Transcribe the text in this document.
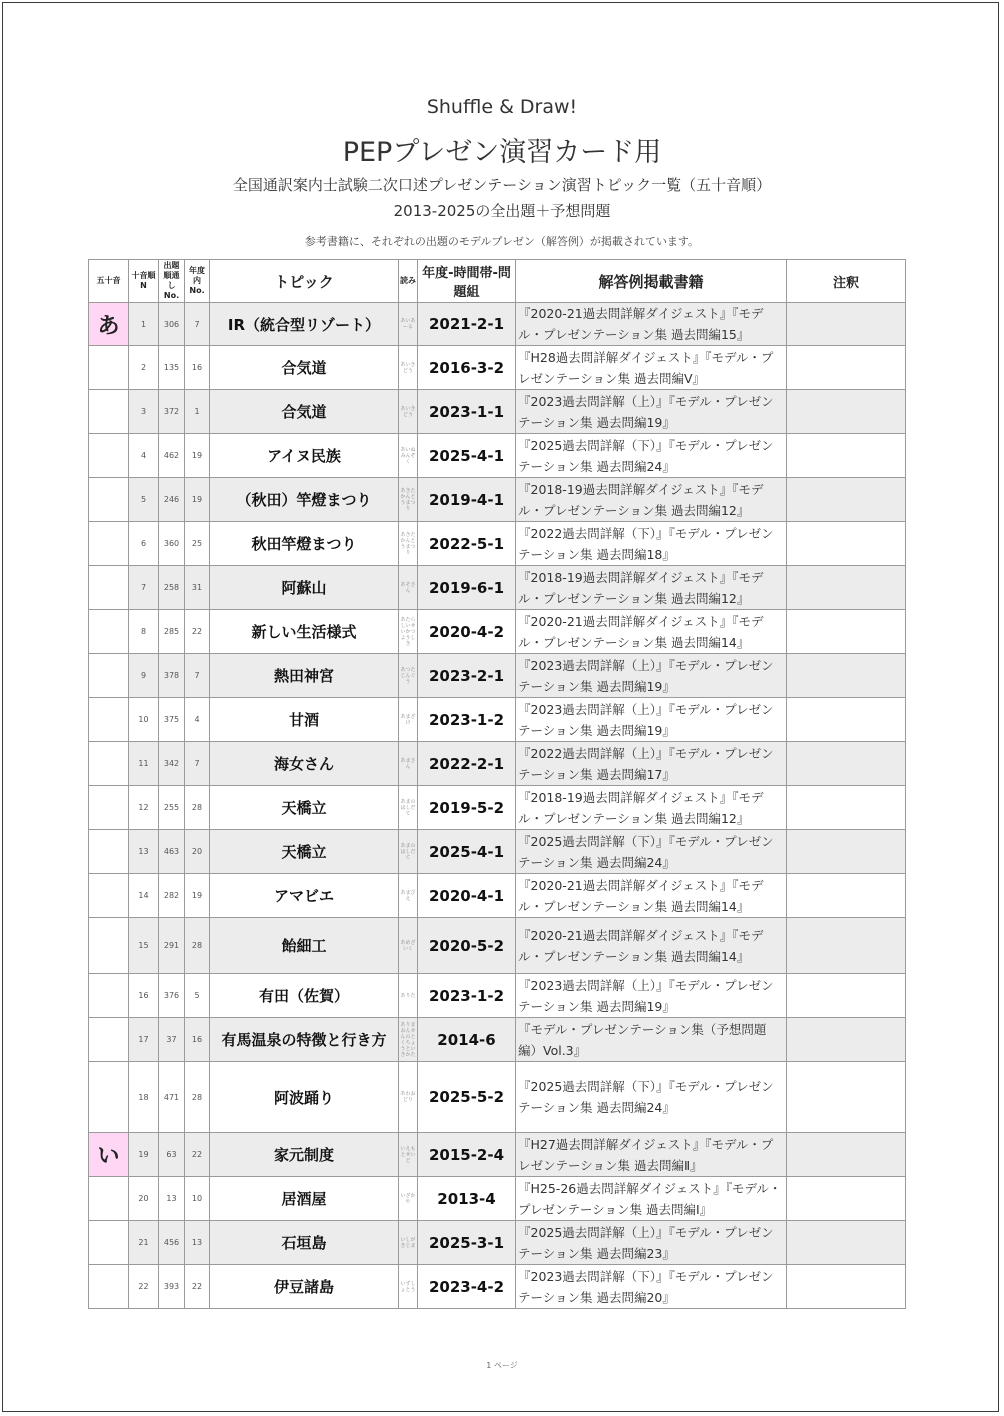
Shuffle & Draw!
PEPプレゼン演習カード用
全国通訳案内士試験二次口述プレゼンテーション演習トピック一覧（五十音順）
2013-2025の全出題＋予想問題
参考書籍に、それぞれの出題のモデルプレゼン（解答例）が掲載されています。
五十音	十音順N	出題 順通 し No.	年度 内 No.	トピック	読み	年度-時間帯-問題組	解答例掲載書籍	注釈
あ	1	306	7	IR（統合型リゾート）	あいあーる	2021-2-1	『2020-21過去問詳解ダイジェスト』『モデル・プレゼンテーション集 過去問編15』	
	2	135	16	合気道	あいきどう	2016-3-2	『H28過去問詳解ダイジェスト』『モデル・プレゼンテーション集 過去問編Ⅴ』	
	3	372	1	合気道	あいきどう	2023-1-1	『2023過去問詳解（上）』『モデル・プレゼンテーション集 過去問編19』	
	4	462	19	アイヌ民族	あいぬみんぞく	2025-4-1	『2025過去問詳解（下）』『モデル・プレゼンテーション集 過去問編24』	
	5	246	19	（秋田）竿燈まつり	あきたかんとうまつり	2019-4-1	『2018-19過去問詳解ダイジェスト』『モデル・プレゼンテーション集 過去問編12』	
	6	360	25	秋田竿燈まつり	あきたかんとうまつり	2022-5-1	『2022過去問詳解（下）』『モデル・プレゼンテーション集 過去問編18』	
	7	258	31	阿蘇山	あそさん	2019-6-1	『2018-19過去問詳解ダイジェスト』『モデル・プレゼンテーション集 過去問編12』	
	8	285	22	新しい生活様式	あたらしいせいかつようしき	2020-4-2	『2020-21過去問詳解ダイジェスト』『モデル・プレゼンテーション集 過去問編14』	
	9	378	7	熱田神宮	あつたじんぐう	2023-2-1	『2023過去問詳解（上）』『モデル・プレゼンテーション集 過去問編19』	
	10	375	4	甘酒	あまざけ	2023-1-2	『2023過去問詳解（上）』『モデル・プレゼンテーション集 過去問編19』	
	11	342	7	海女さん	あまさん	2022-2-1	『2022過去問詳解（上）』『モデル・プレゼンテーション集 過去問編17』	
	12	255	28	天橋立	あまのはしだて	2019-5-2	『2018-19過去問詳解ダイジェスト』『モデル・プレゼンテーション集 過去問編12』	
	13	463	20	天橋立	あまのはしだて	2025-4-1	『2025過去問詳解（下）』『モデル・プレゼンテーション集 過去問編24』	
	14	282	19	アマビエ	あまびえ	2020-4-1	『2020-21過去問詳解ダイジェスト』『モデル・プレゼンテーション集 過去問編14』	
	15	291	28	飴細工	あめざいく	2020-5-2	『2020-21過去問詳解ダイジェスト』『モデル・プレゼンテーション集 過去問編14』	
	16	376	5	有田（佐賀）	ありた	2023-1-2	『2023過去問詳解（上）』『モデル・プレゼンテーション集 過去問編19』	
	17	37	16	有馬温泉の特徴と行き方	ありまおんせんのとくちょうといきかた	2014-6	『モデル・プレゼンテーション集（予想問題編）Vol.3』	
	18	471	28	阿波踊り	あわおどり	2025-5-2	『2025過去問詳解（下）』『モデル・プレゼンテーション集 過去問編24』	
い	19	63	22	家元制度	いえもとせいど	2015-2-4	『H27過去問詳解ダイジェスト』『モデル・プレゼンテーション集 過去問編Ⅱ』	
	20	13	10	居酒屋	いざかや	2013-4	『H25-26過去問詳解ダイジェスト』『モデル・プレゼンテーション集 過去問編Ⅰ』	
	21	456	13	石垣島	いしがきじま	2025-3-1	『2025過去問詳解（上）』『モデル・プレゼンテーション集 過去問編23』	
	22	393	22	伊豆諸島	いずしょとう	2023-4-2	『2023過去問詳解（下）』『モデル・プレゼンテーション集 過去問編20』	
1 ページ
